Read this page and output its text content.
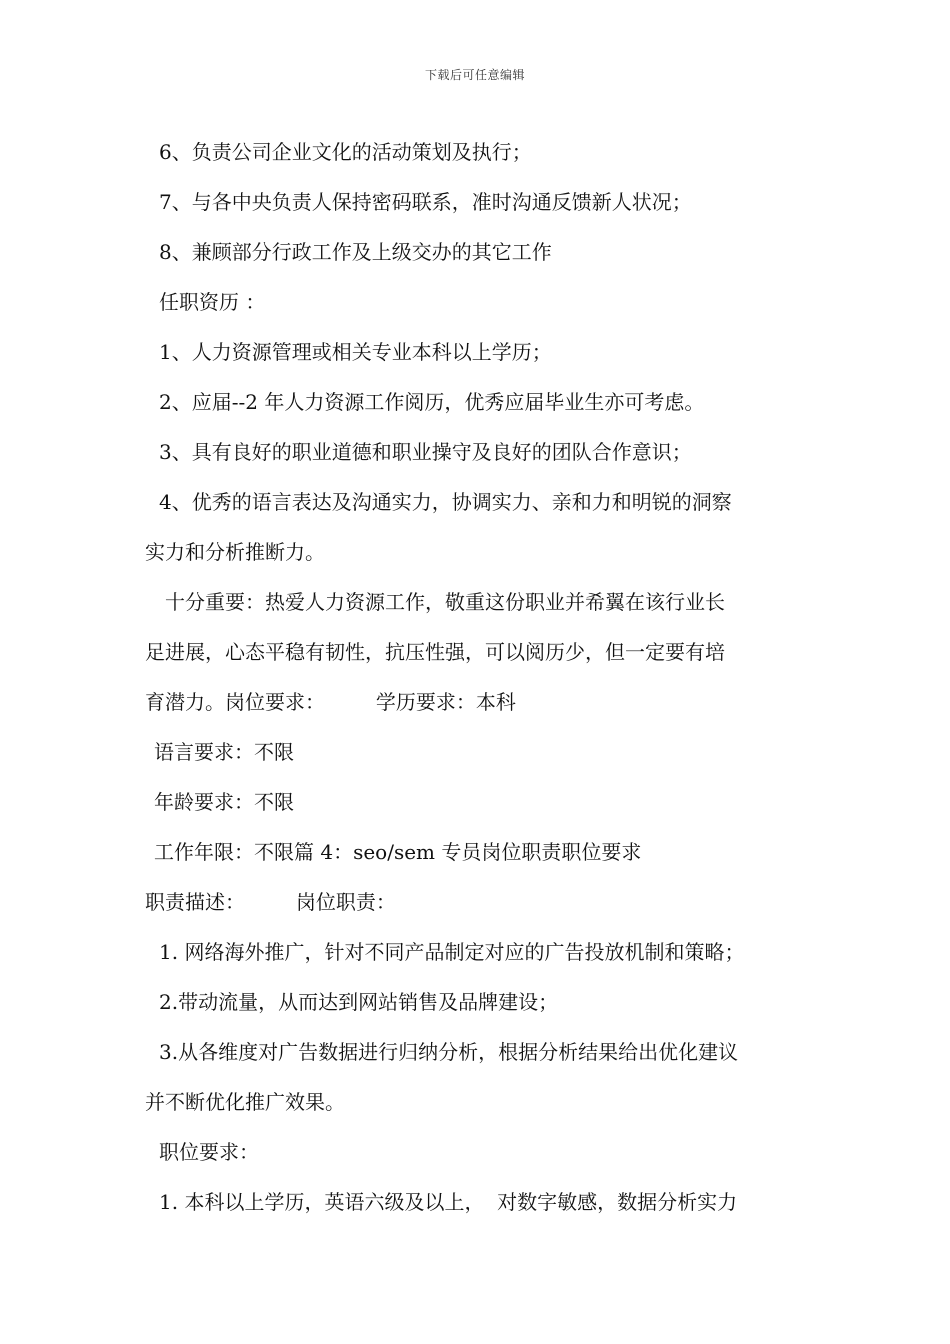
下载后可任意编辑
6、负责公司企业文化的活动策划及执行；
7、与各中央负责人保持密码联系，准时沟通反馈新人状况；
8、兼顾部分行政工作及上级交办的其它工作
任职资历 ：
1、人力资源管理或相关专业本科以上学历；
2、应届--2 年人力资源工作阅历，优秀应届毕业生亦可考虑。
3、具有良好的职业道德和职业操守及良好的团队合作意识；
4、优秀的语言表达及沟通实力，协调实力、亲和力和明锐的洞察
实力和分析推断力。
十分重要：热爱人力资源工作，敬重这份职业并希翼在该行业长
足进展，心态平稳有韧性，抗压性强，可以阅历少，但一定要有培
育潜力。岗位要求：        学历要求：本科
语言要求：不限
年龄要求：不限
工作年限：不限篇 4：seo/sem 专员岗位职责职位要求
职责描述：        岗位职责：
1. 网络海外推广，针对不同产品制定对应的广告投放机制和策略；
2.带动流量，从而达到网站销售及品牌建设；
3.从各维度对广告数据进行归纳分析，根据分析结果给出优化建议
并不断优化推广效果。
职位要求：
1. 本科以上学历，英语六级及以上，  对数字敏感，数据分析实力
